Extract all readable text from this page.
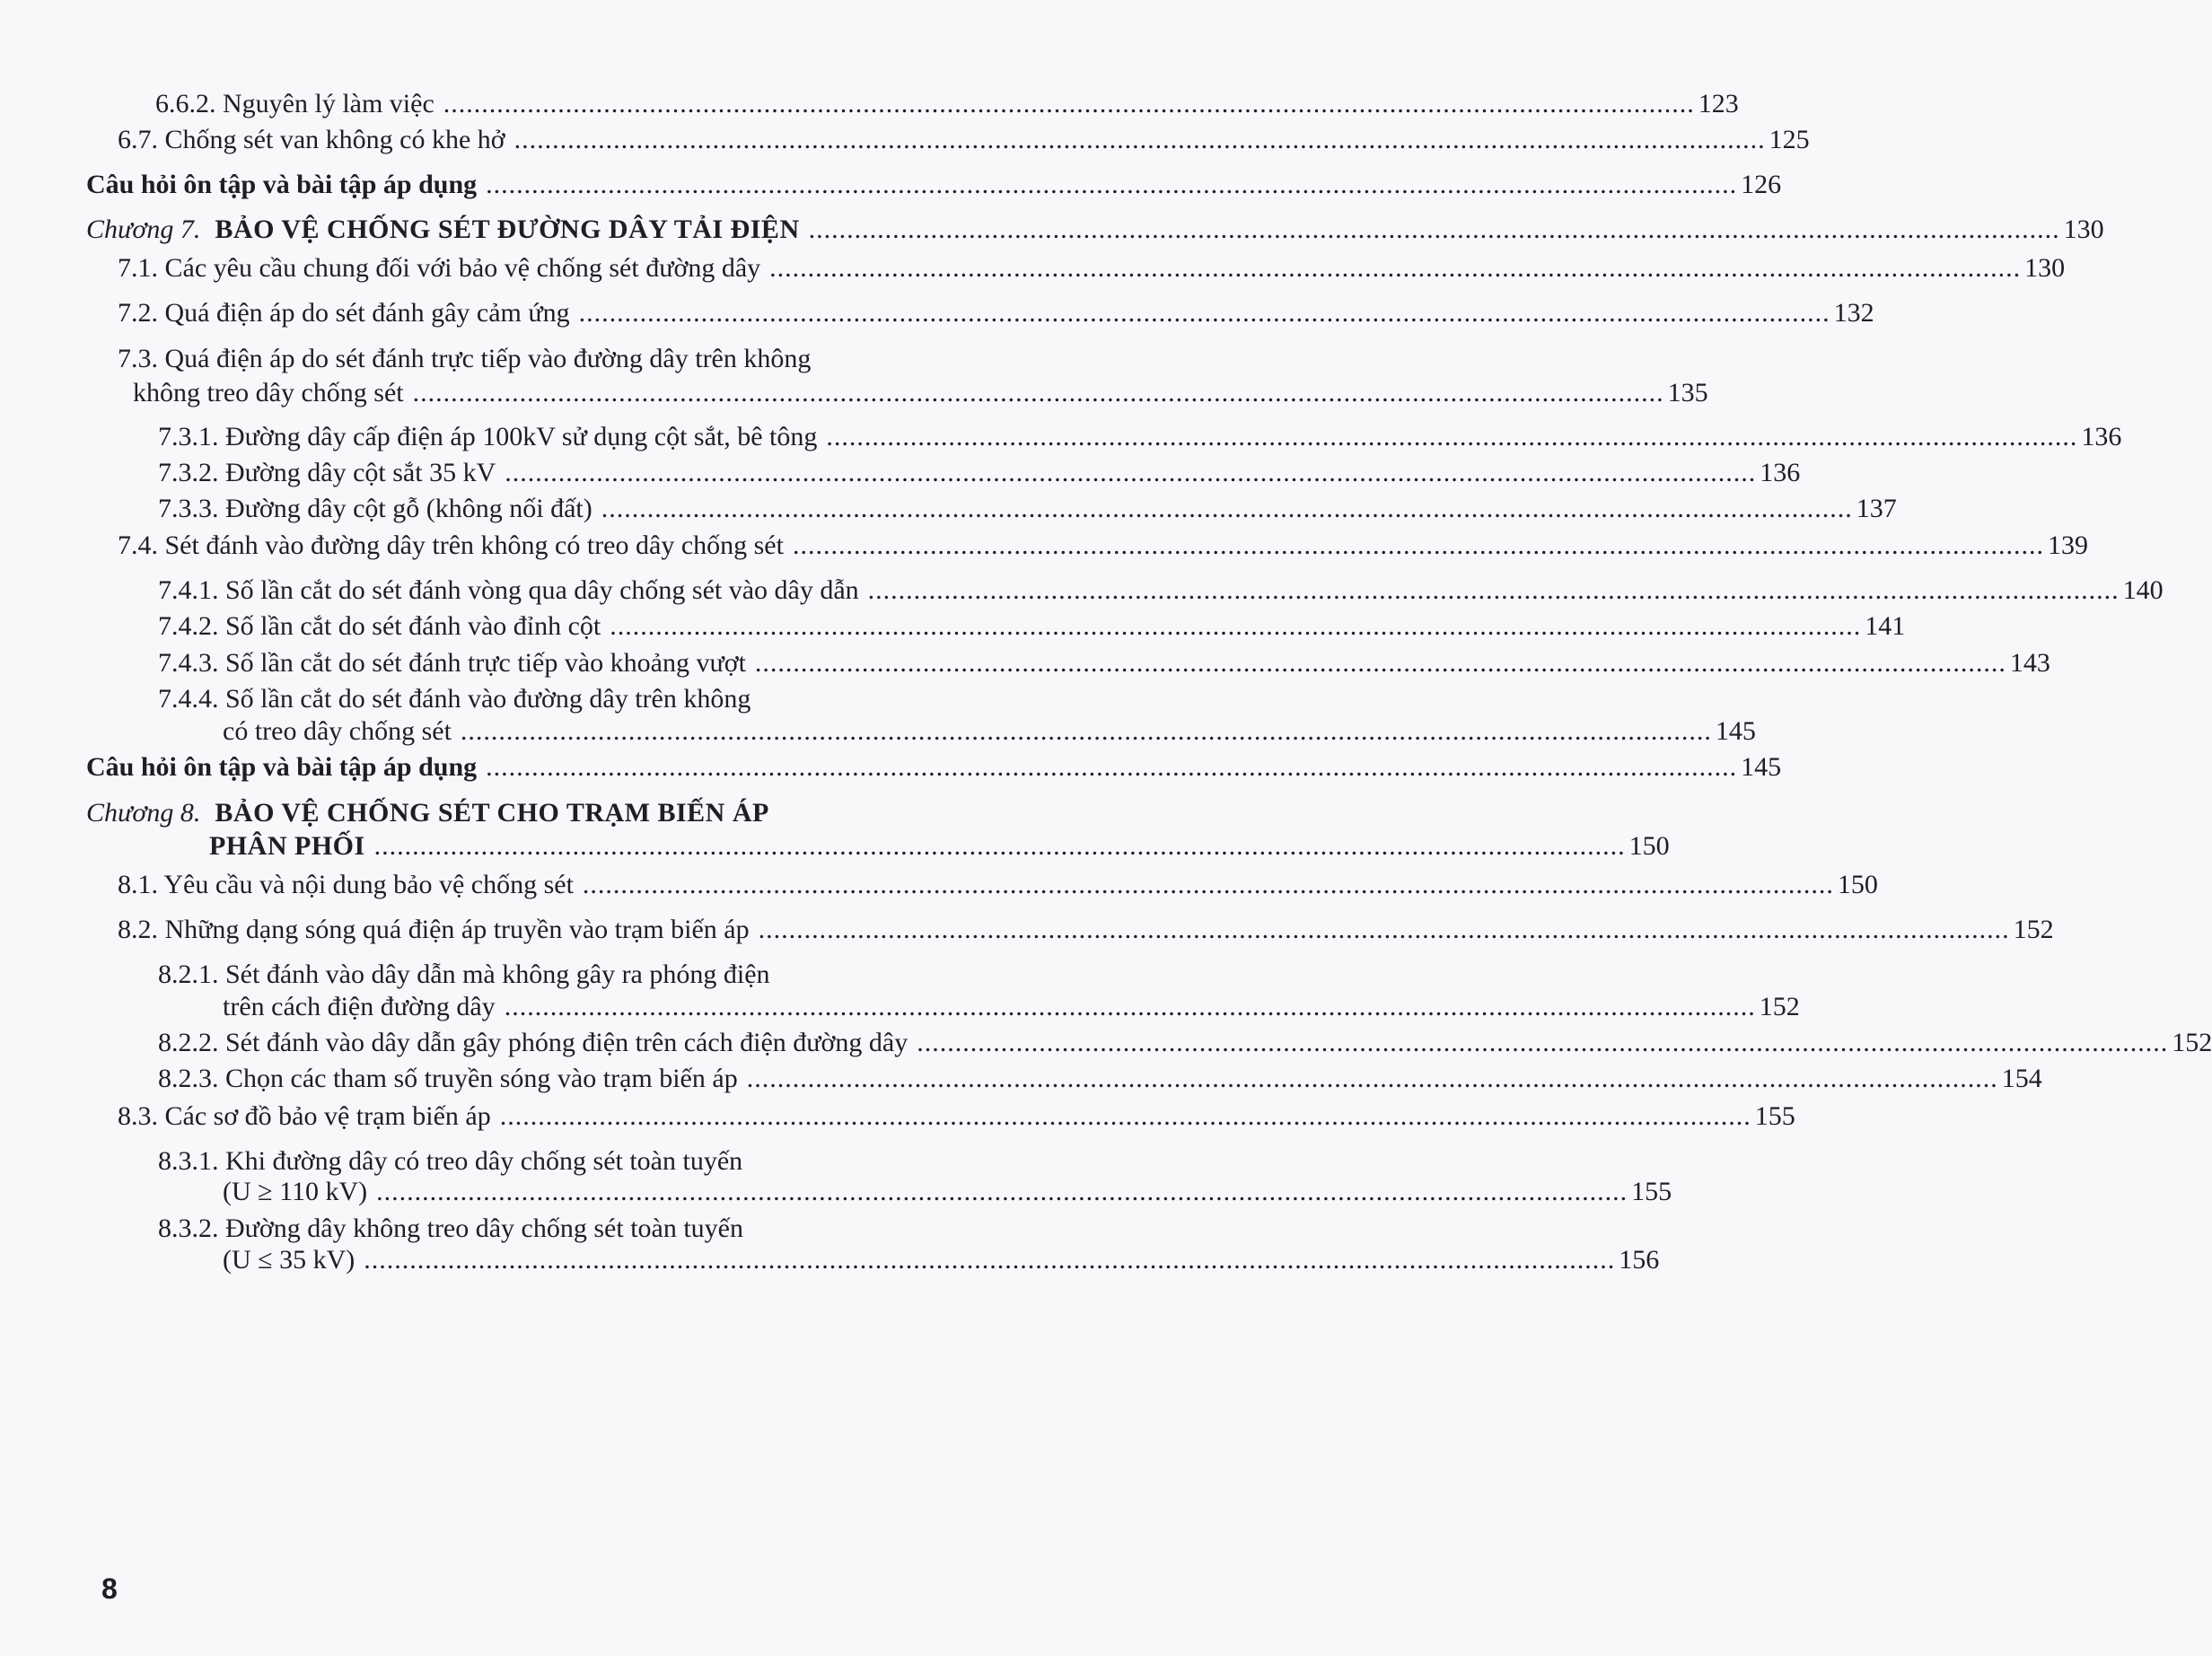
6.6.2. Nguyên lý làm việc .................................................................................................................................................................... 123
6.7. Chống sét van không có khe hở .................................................................................................................................................................... 125
Câu hỏi ôn tập và bài tập áp dụng .................................................................................................................................................................... 126
Chương 7. BẢO VỆ CHỐNG SÉT ĐƯỜNG DÂY TẢI ĐIỆN .................................................................................................................................................................... 130
7.1. Các yêu cầu chung đối với bảo vệ chống sét đường dây .................................................................................................................................................................... 130
7.2. Quá điện áp do sét đánh gây cảm ứng .................................................................................................................................................................... 132
7.3. Quá điện áp do sét đánh trực tiếp vào đường dây trên không
không treo dây chống sét .................................................................................................................................................................... 135
7.3.1. Đường dây cấp điện áp 100kV sử dụng cột sắt, bê tông .................................................................................................................................................................... 136
7.3.2. Đường dây cột sắt 35 kV .................................................................................................................................................................... 136
7.3.3. Đường dây cột gỗ (không nối đất) .................................................................................................................................................................... 137
7.4. Sét đánh vào đường dây trên không có treo dây chống sét .................................................................................................................................................................... 139
7.4.1. Số lần cắt do sét đánh vòng qua dây chống sét vào dây dẫn .................................................................................................................................................................... 140
7.4.2. Số lần cắt do sét đánh vào đỉnh cột .................................................................................................................................................................... 141
7.4.3. Số lần cắt do sét đánh trực tiếp vào khoảng vượt .................................................................................................................................................................... 143
7.4.4. Số lần cắt do sét đánh vào đường dây trên không
có treo dây chống sét .................................................................................................................................................................... 145
Câu hỏi ôn tập và bài tập áp dụng .................................................................................................................................................................... 145
Chương 8. BẢO VỆ CHỐNG SÉT CHO TRẠM BIẾN ÁP
PHÂN PHỐI .................................................................................................................................................................... 150
8.1. Yêu cầu và nội dung bảo vệ chống sét .................................................................................................................................................................... 150
8.2. Những dạng sóng quá điện áp truyền vào trạm biến áp .................................................................................................................................................................... 152
8.2.1. Sét đánh vào dây dẫn mà không gây ra phóng điện
trên cách điện đường dây .................................................................................................................................................................... 152
8.2.2. Sét đánh vào dây dẫn gây phóng điện trên cách điện đường dây .................................................................................................................................................................... 152
8.2.3. Chọn các tham số truyền sóng vào trạm biến áp .................................................................................................................................................................... 154
8.3. Các sơ đồ bảo vệ trạm biến áp .................................................................................................................................................................... 155
8.3.1. Khi đường dây có treo dây chống sét toàn tuyến
(U ≥ 110 kV) .................................................................................................................................................................... 155
8.3.2. Đường dây không treo dây chống sét toàn tuyến
(U ≤ 35 kV) .................................................................................................................................................................... 156
8
